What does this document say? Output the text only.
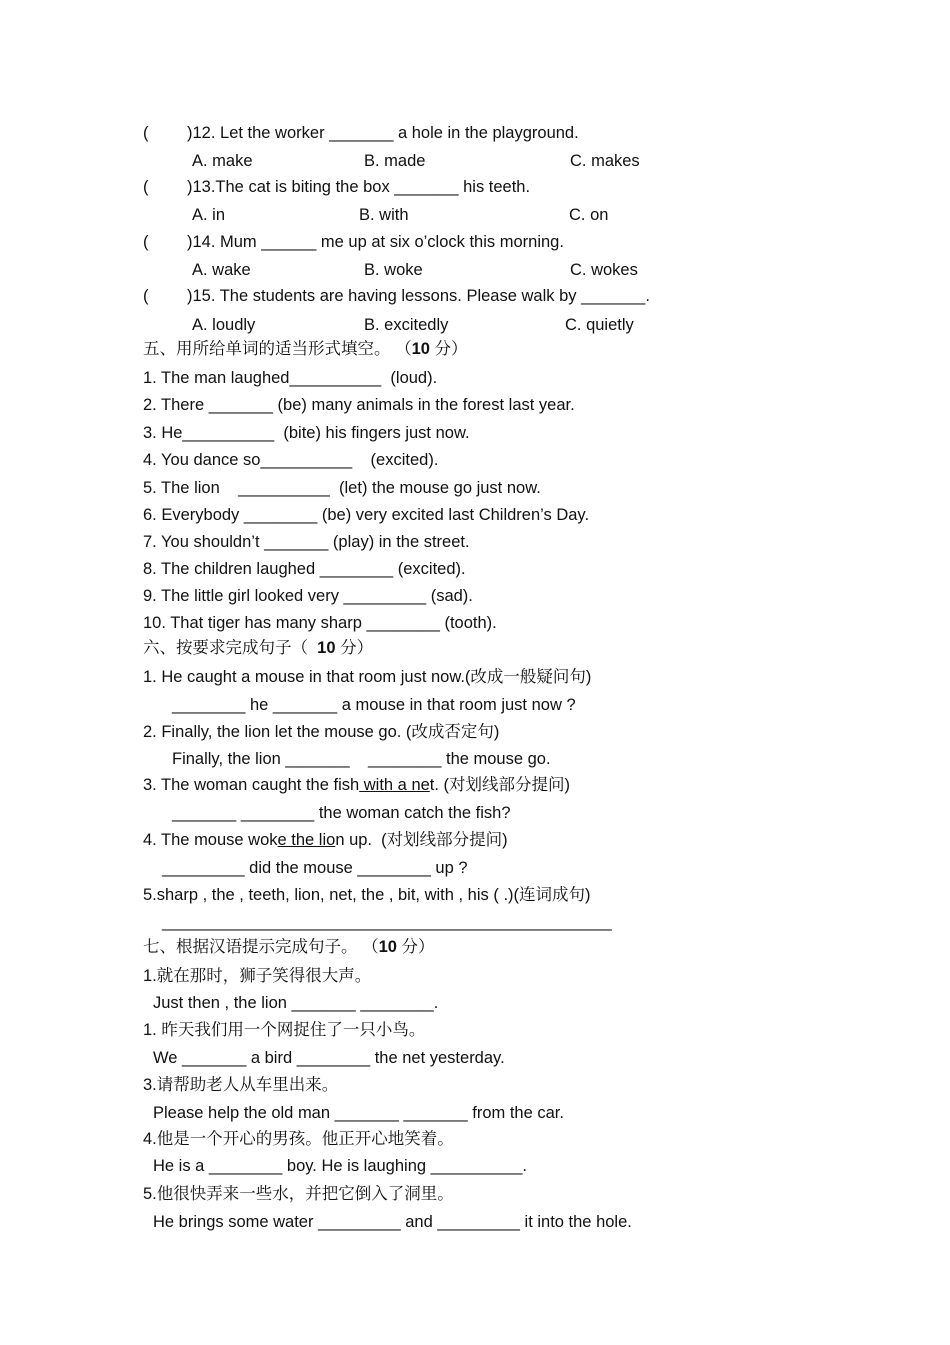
( )12. Let the worker _______ a hole in the playground.
A. make	B. made	C. makes
( )13.The cat is biting the box _______ his teeth.
A. in	B. with	C. on
( )14. Mum ______ me up at six o’clock this morning.
A. wake	B. woke	C. wokes
( )15. The students are having lessons. Please walk by _______.
A. loudly	B. excitedly	C. quietly
五、用所给单词的适当形式填空。 （10 分）
1. The man laughed__________  (loud).
2. There _______ (be) many animals in the forest last year.
3. He__________  (bite) his fingers just now.
4. You dance so__________    (excited).
5. The lion    __________  (let) the mouse go just now.
6. Everybody ________ (be) very excited last Children’s Day.
7. You shouldn’t _______ (play) in the street.
8. The children laughed ________ (excited).
9. The little girl looked very _________ (sad).
10. That tiger has many sharp ________ (tooth).
六、按要求完成句子（  10 分）
1. He caught a mouse in that room just now.(改成一般疑问句)
________ he _______ a mouse in that room just now ?
2. Finally, the lion let the mouse go. (改成否定句)
Finally, the lion _______    ________ the mouse go.
3. The woman caught the fish with a net. (对划线部分提问)
_______ ________ the woman catch the fish?
4. The mouse woke the lion up.  (对划线部分提问)
_________ did the mouse ________ up ?
5.sharp , the , teeth, lion, net, the , bit, with , his ( .)(连词成句)
_________________________________________________
七、根据汉语提示完成句子。 （10 分）
1.就在那时，狮子笑得很大声。
Just then , the lion _______ ________.
1. 昨天我们用一个网捉住了一只小鸟。
We _______ a bird ________ the net yesterday.
3.请帮助老人从车里出来。
Please help the old man _______ _______ from the car.
4.他是一个开心的男孩。他正开心地笑着。
He is a ________ boy. He is laughing __________.
5.他很快弄来一些水，并把它倒入了洞里。
He brings some water _________ and _________ it into the hole.
